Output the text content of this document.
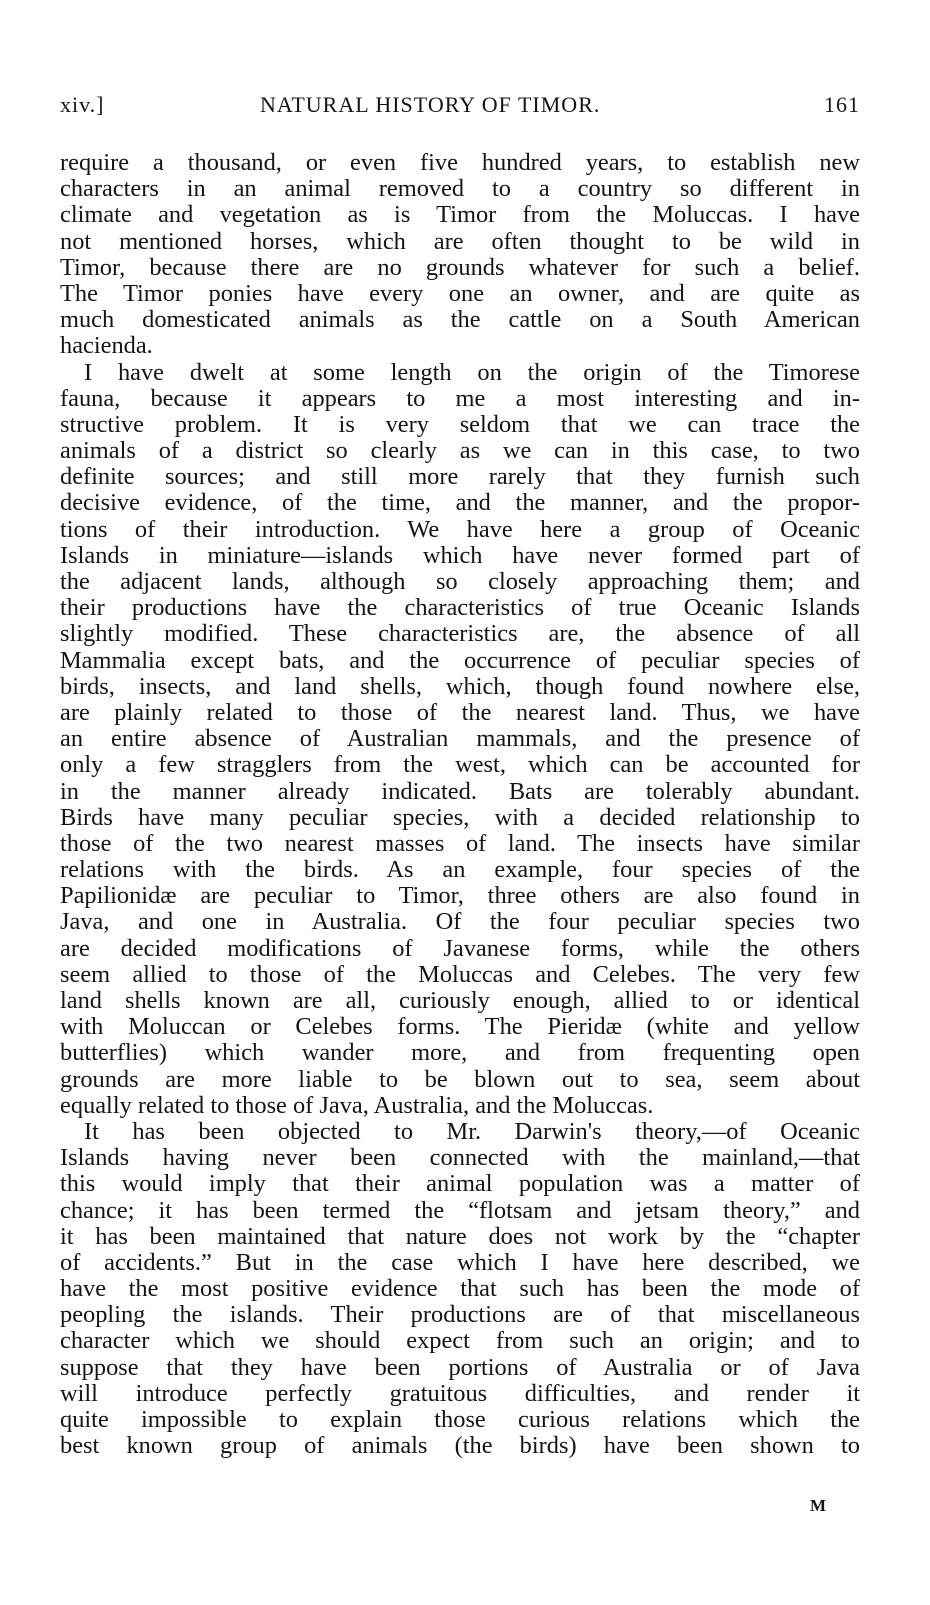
xiv.]	NATURAL HISTORY OF TIMOR.	161
require a thousand, or even five hundred years, to establish new
characters in an animal removed to a country so different in
climate and vegetation as is Timor from the Moluccas. I have
not mentioned horses, which are often thought to be wild in
Timor, because there are no grounds whatever for such a belief.
The Timor ponies have every one an owner, and are quite as
much domesticated animals as the cattle on a South American
hacienda.
I have dwelt at some length on the origin of the Timorese
fauna, because it appears to me a most interesting and in-
structive problem. It is very seldom that we can trace the
animals of a district so clearly as we can in this case, to two
definite sources; and still more rarely that they furnish such
decisive evidence, of the time, and the manner, and the propor-
tions of their introduction. We have here a group of Oceanic
Islands in miniature—islands which have never formed part of
the adjacent lands, although so closely approaching them; and
their productions have the characteristics of true Oceanic Islands
slightly modified. These characteristics are, the absence of all
Mammalia except bats, and the occurrence of peculiar species of
birds, insects, and land shells, which, though found nowhere else,
are plainly related to those of the nearest land. Thus, we have
an entire absence of Australian mammals, and the presence of
only a few stragglers from the west, which can be accounted for
in the manner already indicated. Bats are tolerably abundant.
Birds have many peculiar species, with a decided relationship to
those of the two nearest masses of land. The insects have similar
relations with the birds. As an example, four species of the
Papilionidæ are peculiar to Timor, three others are also found in
Java, and one in Australia. Of the four peculiar species two
are decided modifications of Javanese forms, while the others
seem allied to those of the Moluccas and Celebes. The very few
land shells known are all, curiously enough, allied to or identical
with Moluccan or Celebes forms. The Pieridæ (white and yellow
butterflies) which wander more, and from frequenting open
grounds are more liable to be blown out to sea, seem about
equally related to those of Java, Australia, and the Moluccas.
It has been objected to Mr. Darwin's theory,—of Oceanic
Islands having never been connected with the mainland,—that
this would imply that their animal population was a matter of
chance; it has been termed the “flotsam and jetsam theory,” and
it has been maintained that nature does not work by the “chapter
of accidents.” But in the case which I have here described, we
have the most positive evidence that such has been the mode of
peopling the islands. Their productions are of that miscellaneous
character which we should expect from such an origin; and to
suppose that they have been portions of Australia or of Java
will introduce perfectly gratuitous difficulties, and render it
quite impossible to explain those curious relations which the
best known group of animals (the birds) have been shown to
M
